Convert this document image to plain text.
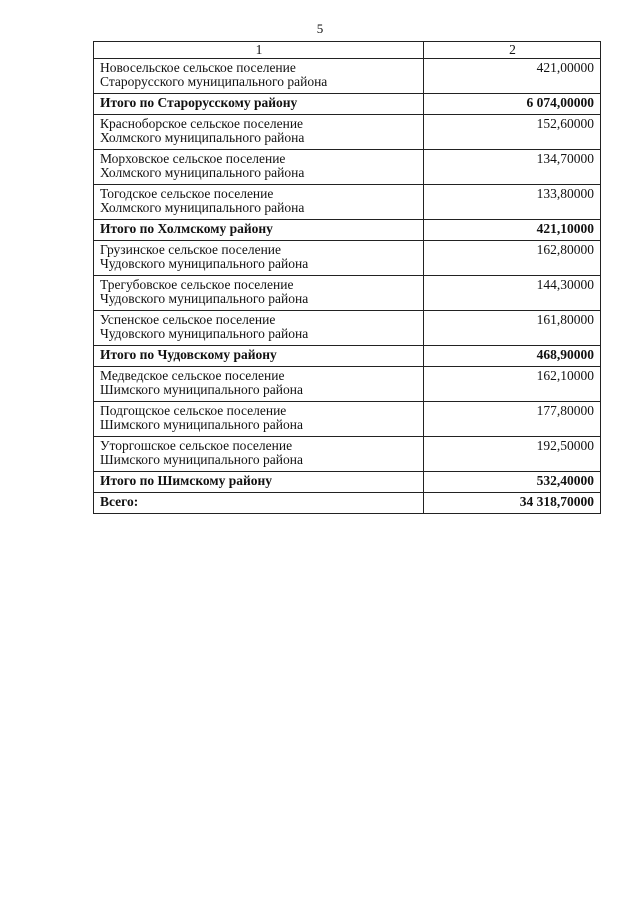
5
1	2

Новосельское сельское поселение
Старорусского муниципального района	421,00000

Итого по Старорусскому району	6 074,00000

Красноборское сельское поселение
Холмского муниципального района	152,60000

Морховское сельское поселение
Холмского муниципального района	134,70000

Тогодское сельское поселение
Холмского муниципального района	133,80000

Итого по Холмскому району	421,10000

Грузинское сельское поселение
Чудовского муниципального района	162,80000

Трегубовское сельское поселение
Чудовского муниципального района	144,30000

Успенское сельское поселение
Чудовского муниципального района	161,80000

Итого по Чудовскому району	468,90000

Медведское сельское поселение
Шимского муниципального района	162,10000

Подгощское сельское поселение
Шимского муниципального района	177,80000

Уторгошское сельское поселение
Шимского муниципального района	192,50000

Итого по Шимскому району	532,40000

Всего:	34 318,70000
